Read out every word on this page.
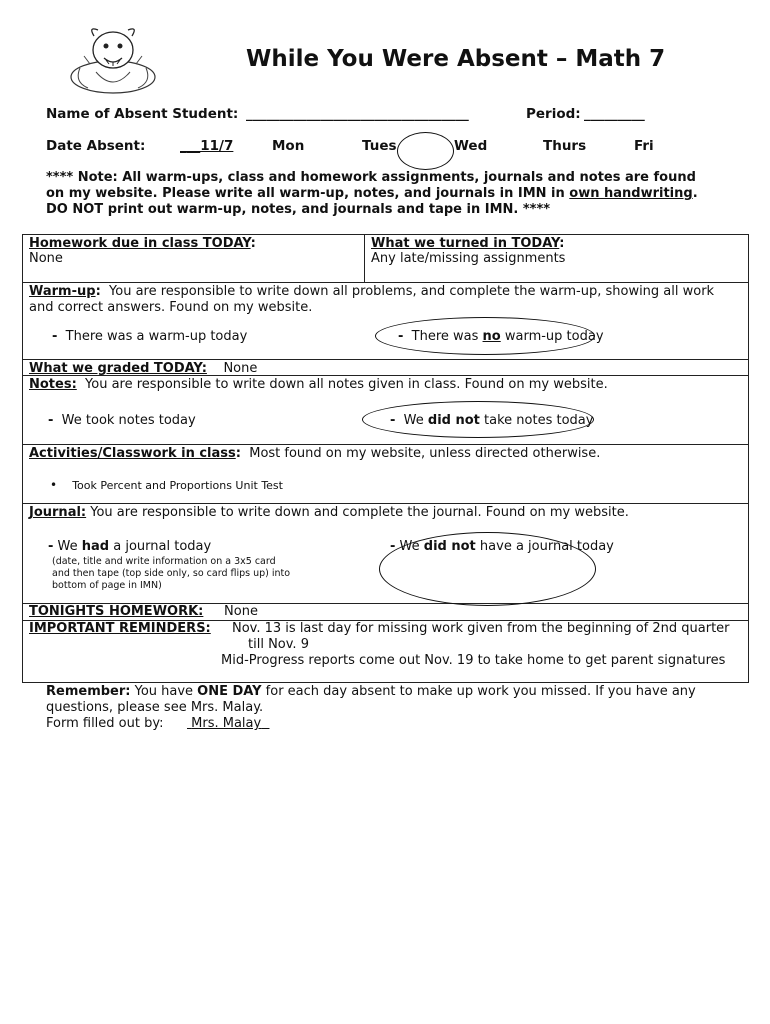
While You Were Absent – Math 7
Name of Absent Student: _________________________________	Period: _________
Date Absent:	___11/7	Mon	Tues	Wed	Thurs	Fri
**** Note: All warm-ups, class and homework assignments, journals and notes are found
on my website. Please write all warm-up, notes, and journals in IMN in own handwriting.
DO NOT print out warm-up, notes, and journals and tape in IMN. ****
Homework due in class TODAY:
None
What we turned in TODAY:
Any late/missing assignments
Warm-up: You are responsible to write down all problems, and complete the warm-up, showing all work
and correct answers. Found on my website.
- There was a warm-up today	- There was no warm-up today
What we graded TODAY: None
Notes: You are responsible to write down all notes given in class. Found on my website.
- We took notes today	- We did not take notes today
Activities/Classwork in class: Most found on my website, unless directed otherwise.
• Took Percent and Proportions Unit Test
Journal: You are responsible to write down and complete the journal. Found on my website.
- We had a journal today
(date, title and write information on a 3x5 card
and then tape (top side only, so card flips up) into
bottom of page in IMN)
- We did not have a journal today
TONIGHTS HOMEWORK: None
IMPORTANT REMINDERS: Nov. 13 is last day for missing work given from the beginning of 2nd quarter
till Nov. 9
Mid-Progress reports come out Nov. 19 to take home to get parent signatures
Remember: You have ONE DAY for each day absent to make up work you missed. If you have any
questions, please see Mrs. Malay.
Form filled out by:	Mrs. Malay
